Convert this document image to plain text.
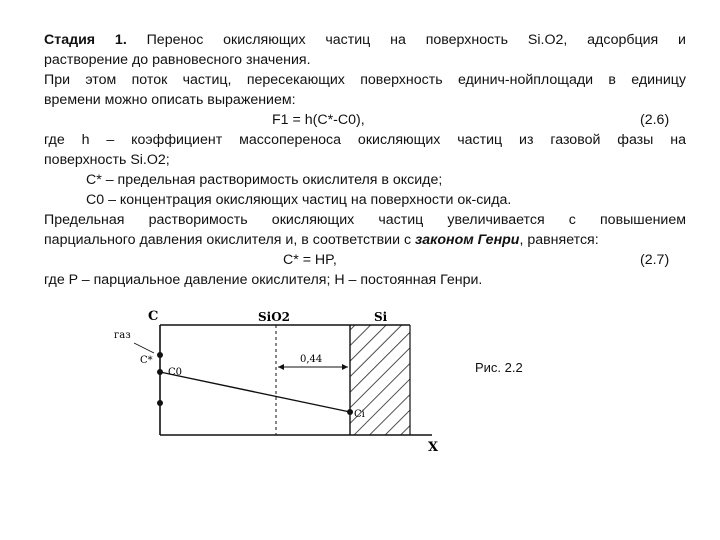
Стадия 1. Перенос окисляющих частиц на поверхность Si.O2, адсорбция и
растворение до равновесного значения.
При этом поток частиц, пересекающих поверхность единич-нойплощади в единицу
времени можно описать выражением:
F1 = h(C*-C0),	(2.6)
где h – коэффициент массопереноса окисляющих частиц из газовой фазы на
поверхность Si.O2;
C* – предельная растворимость окислителя в оксиде;
C0 – концентрация окисляющих частиц на поверхности ок-сида.
Предельная растворимость окисляющих частиц увеличивается с повышением
парциального давления окислителя и, в соответствии с законом Генри, равняется:
C* = HP,	(2.7)
где P – парциальное давление окислителя; H – постоянная Генри.
C
X
SiO2	Si
газ
C*
C0
Ci
0,44
Рис. 2.2
